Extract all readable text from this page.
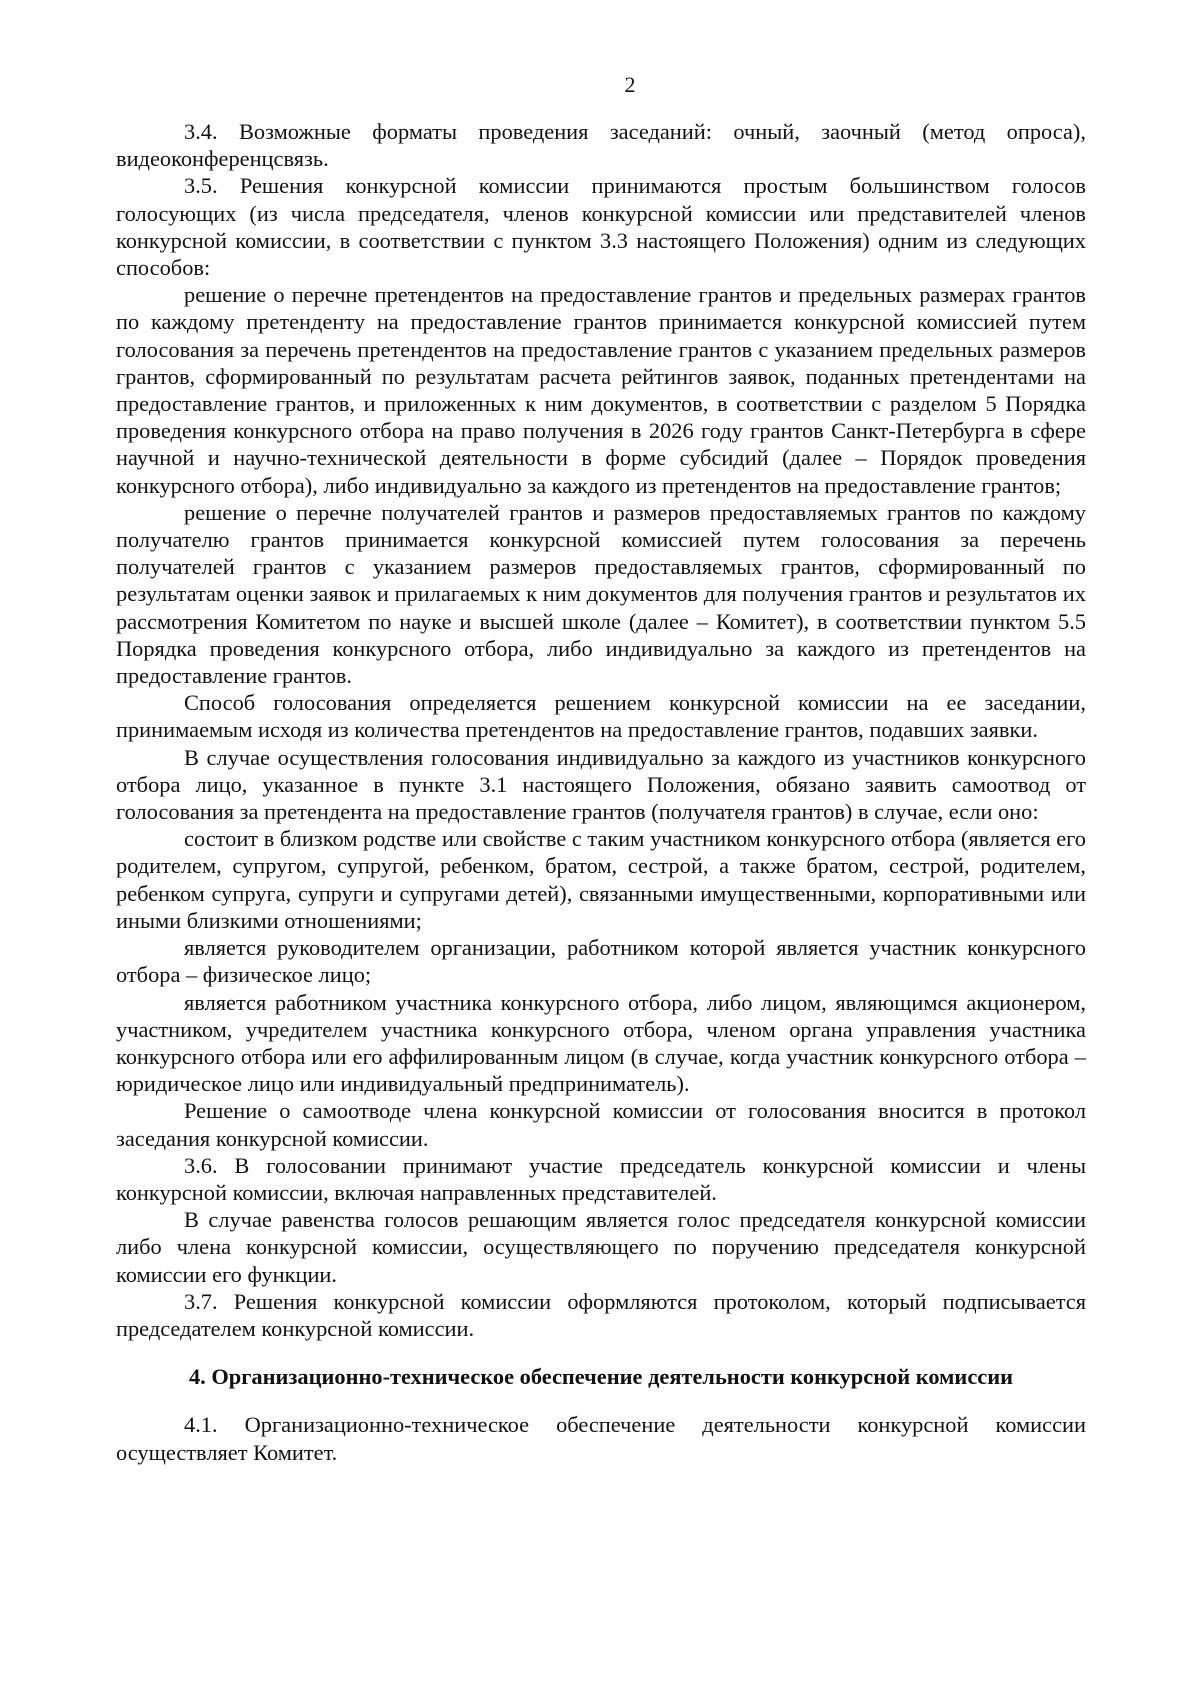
2

3.4. Возможные форматы проведения заседаний: очный, заочный (метод опроса), видеоконференцсвязь.

3.5. Решения конкурсной комиссии принимаются простым большинством голосов голосующих (из числа председателя, членов конкурсной комиссии или представителей членов конкурсной комиссии, в соответствии с пунктом 3.3 настоящего Положения) одним из следующих способов:

решение о перечне претендентов на предоставление грантов и предельных размерах грантов по каждому претенденту на предоставление грантов принимается конкурсной комиссией путем голосования за перечень претендентов на предоставление грантов с указанием предельных размеров грантов, сформированный по результатам расчета рейтингов заявок, поданных претендентами на предоставление грантов, и приложенных к ним документов, в соответствии с разделом 5 Порядка проведения конкурсного отбора на право получения в 2026 году грантов Санкт-Петербурга в сфере научной и научно-технической деятельности в форме субсидий (далее – Порядок проведения конкурсного отбора), либо индивидуально за каждого из претендентов на предоставление грантов;

решение о перечне получателей грантов и размеров предоставляемых грантов по каждому получателю грантов принимается конкурсной комиссией путем голосования за перечень получателей грантов с указанием размеров предоставляемых грантов, сформированный по результатам оценки заявок и прилагаемых к ним документов для получения грантов и результатов их рассмотрения Комитетом по науке и высшей школе (далее – Комитет), в соответствии пунктом 5.5 Порядка проведения конкурсного отбора, либо индивидуально за каждого из претендентов на предоставление грантов.

Способ голосования определяется решением конкурсной комиссии на ее заседании, принимаемым исходя из количества претендентов на предоставление грантов, подавших заявки.

В случае осуществления голосования индивидуально за каждого из участников конкурсного отбора лицо, указанное в пункте 3.1 настоящего Положения, обязано заявить самоотвод от голосования за претендента на предоставление грантов (получателя грантов) в случае, если оно:

состоит в близком родстве или свойстве с таким участником конкурсного отбора (является его родителем, супругом, супругой, ребенком, братом, сестрой, а также братом, сестрой, родителем, ребенком супруга, супруги и супругами детей), связанными имущественными, корпоративными или иными близкими отношениями;

является руководителем организации, работником которой является участник конкурсного отбора – физическое лицо;

является работником участника конкурсного отбора, либо лицом, являющимся акционером, участником, учредителем участника конкурсного отбора, членом органа управления участника конкурсного отбора или его аффилированным лицом (в случае, когда участник конкурсного отбора – юридическое лицо или индивидуальный предприниматель).

Решение о самоотводе члена конкурсной комиссии от голосования вносится в протокол заседания конкурсной комиссии.

3.6. В голосовании принимают участие председатель конкурсной комиссии и члены конкурсной комиссии, включая направленных представителей.

В случае равенства голосов решающим является голос председателя конкурсной комиссии либо члена конкурсной комиссии, осуществляющего по поручению председателя конкурсной комиссии его функции.

3.7. Решения конкурсной комиссии оформляются протоколом, который подписывается председателем конкурсной комиссии.

4. Организационно-техническое обеспечение деятельности конкурсной комиссии

4.1. Организационно-техническое обеспечение деятельности конкурсной комиссии осуществляет Комитет.
